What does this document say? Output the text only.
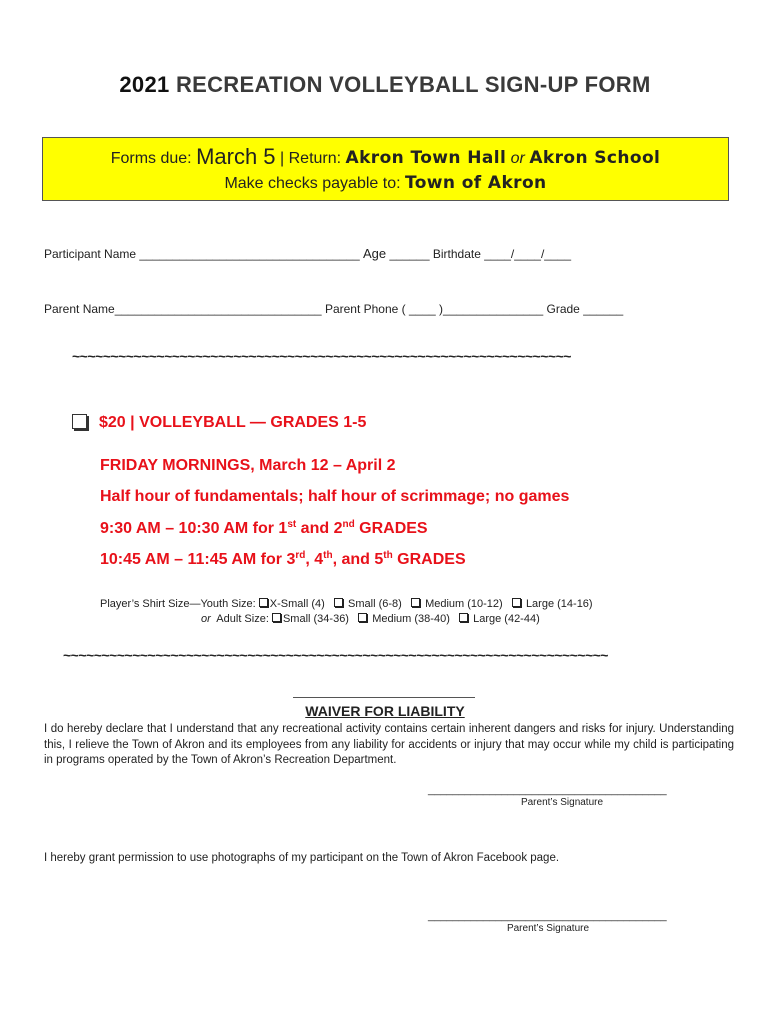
2021 RECREATION VOLLEYBALL SIGN-UP FORM
Forms due: March 5 | Return: Akron Town Hall or Akron School
Make checks payable to: Town of Akron
Participant Name _________________________________ Age ______ Birthdate ____/____/____
Parent Name_______________________________ Parent Phone ( ____ )_______________ Grade ______
~~~~~~~~~~~~~~~~~~~~~~~~~~~~~~~~~~~~~~~~~~~~~~~~~~~~~~~~~~~~~~~~~
$20 | VOLLEYBALL — GRADES 1-5
FRIDAY MORNINGS, March 12 – April 2
Half hour of fundamentals; half hour of scrimmage; no games
9:30 AM – 10:30 AM for 1st and 2nd GRADES
10:45 AM – 11:45 AM for 3rd, 4th, and 5th GRADES
Player’s Shirt Size—Youth Size: X-Small (4) Small (6-8) Medium (10-12) Large (14-16)
or Adult Size: Small (34-36) Medium (38-40) Large (42-44)
~~~~~~~~~~~~~~~~~~~~~~~~~~~~~~~~~~~~~~~~~~~~~~~~~~~~~~~~~~~~~~~~~~~~~~~
WAIVER FOR LIABILITY
I do hereby declare that I understand that any recreational activity contains certain inherent dangers and risks for injury. Understanding this, I relieve the Town of Akron and its employees from any liability for accidents or injury that may occur while my child is participating in programs operated by the Town of Akron’s Recreation Department.
_______________________________________
Parent’s Signature
I hereby grant permission to use photographs of my participant on the Town of Akron Facebook page.
_______________________________________
Parent’s Signature
